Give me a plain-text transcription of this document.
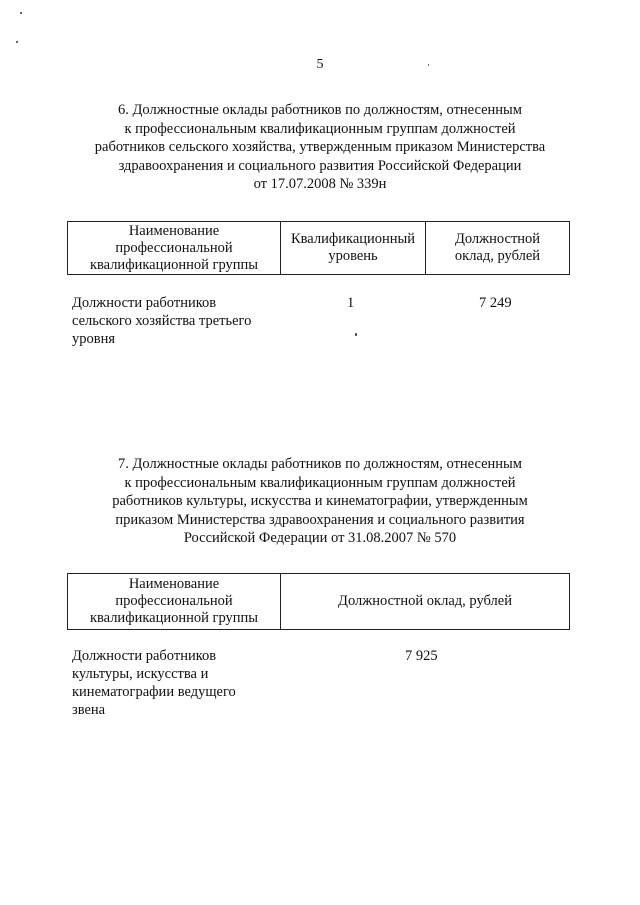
5
6. Должностные оклады работников по должностям, отнесенным
к профессиональным квалификационным группам должностей
работников сельского хозяйства, утвержденным приказом Министерства
здравоохранения и социального развития Российской Федерации
от 17.07.2008 № 339н
Наименование
профессиональной
квалификационной группы
Квалификационный
уровень
Должностной
оклад, рублей
Должности работников
сельского хозяйства третьего
уровня
1	7 249
7. Должностные оклады работников по должностям, отнесенным
к профессиональным квалификационным группам должностей
работников культуры, искусства и кинематографии, утвержденным
приказом Министерства здравоохранения и социального развития
Российской Федерации от 31.08.2007 № 570
Наименование
профессиональной
квалификационной группы
Должностной оклад, рублей
Должности работников
культуры, искусства и
кинематографии ведущего
звена
7 925
